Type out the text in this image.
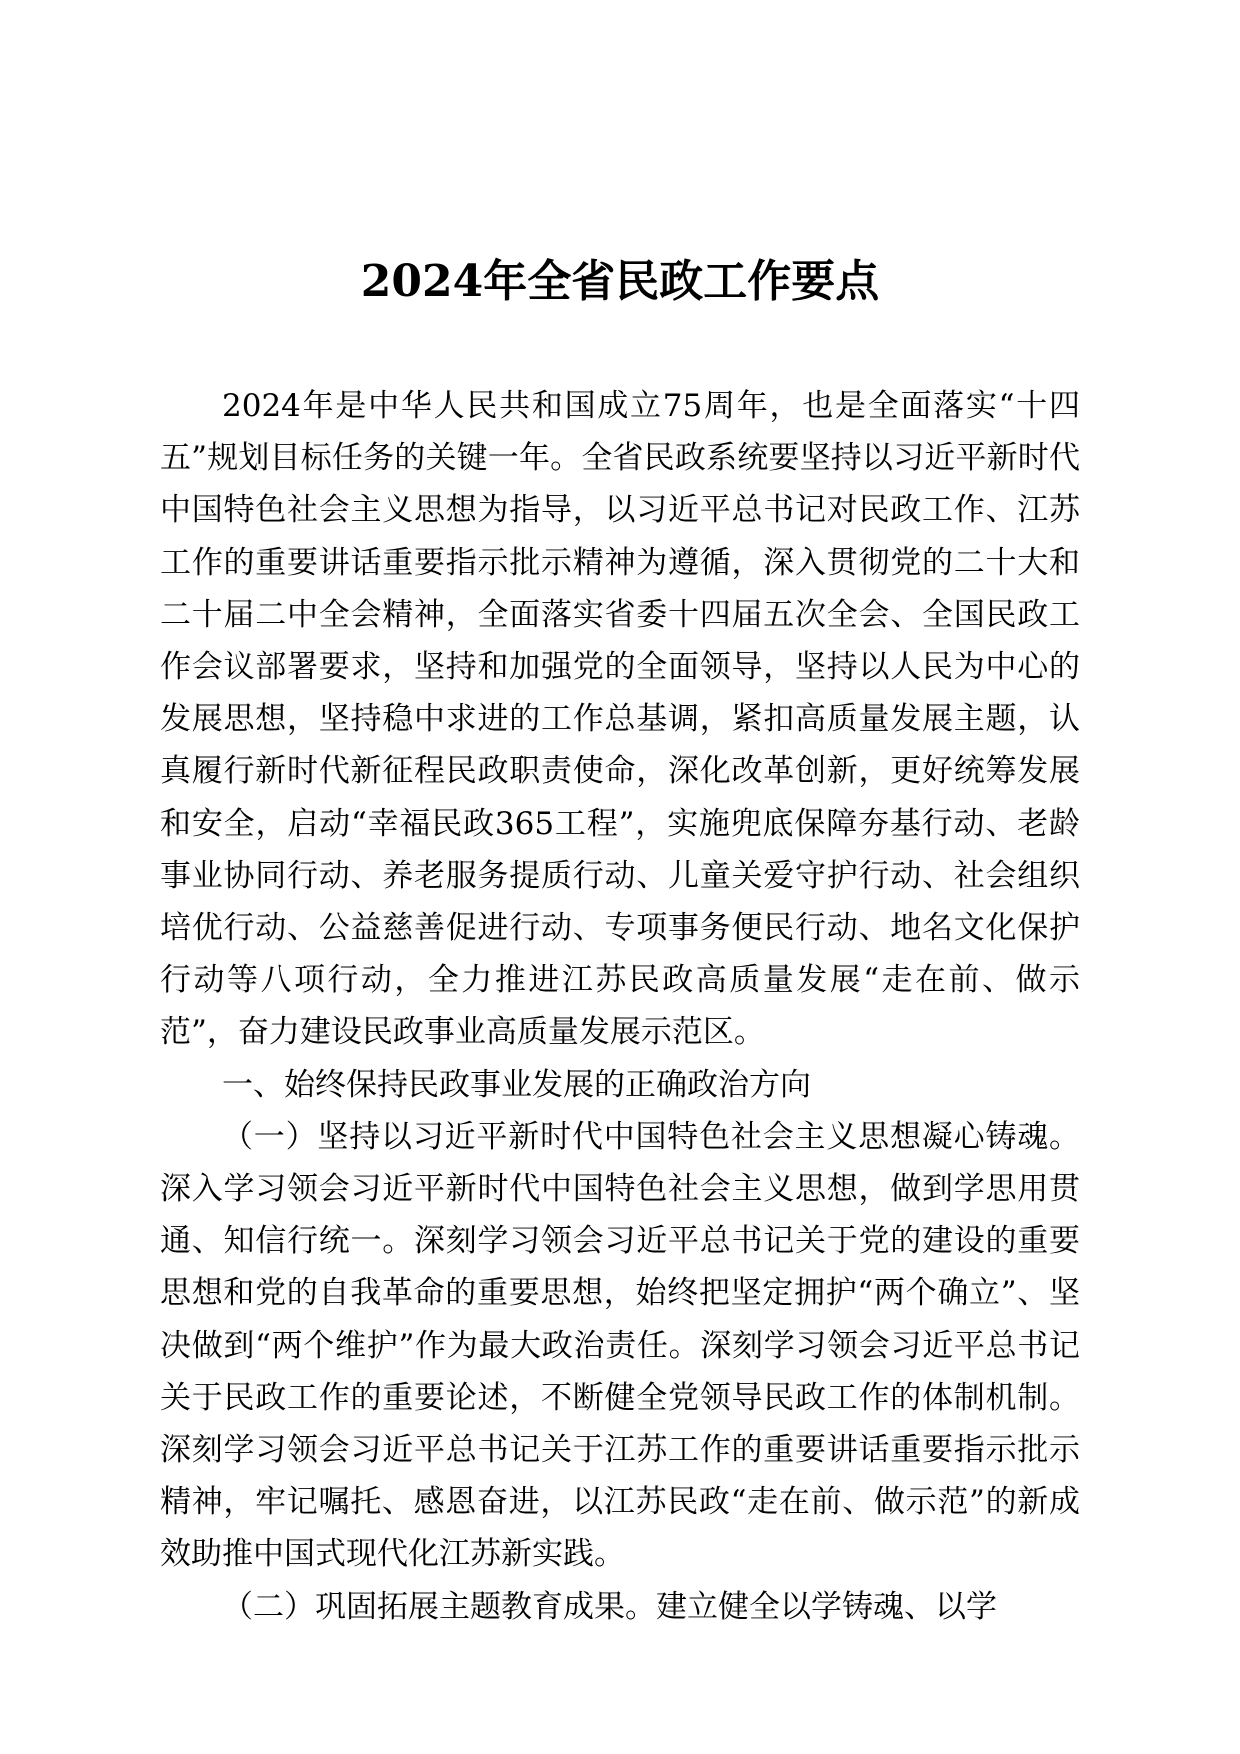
2024年全省民政工作要点

2024年是中华人民共和国成立75周年，也是全面落实“十四五”规划目标任务的关键一年。全省民政系统要坚持以习近平新时代中国特色社会主义思想为指导，以习近平总书记对民政工作、江苏工作的重要讲话重要指示批示精神为遵循，深入贯彻党的二十大和二十届二中全会精神，全面落实省委十四届五次全会、全国民政工作会议部署要求，坚持和加强党的全面领导，坚持以人民为中心的发展思想，坚持稳中求进的工作总基调，紧扣高质量发展主题，认真履行新时代新征程民政职责使命，深化改革创新，更好统筹发展和安全，启动“幸福民政365工程”，实施兜底保障夯基行动、老龄事业协同行动、养老服务提质行动、儿童关爱守护行动、社会组织培优行动、公益慈善促进行动、专项事务便民行动、地名文化保护行动等八项行动，全力推进江苏民政高质量发展“走在前、做示范”，奋力建设民政事业高质量发展示范区。

一、始终保持民政事业发展的正确政治方向

（一）坚持以习近平新时代中国特色社会主义思想凝心铸魂。深入学习领会习近平新时代中国特色社会主义思想，做到学思用贯通、知信行统一。深刻学习领会习近平总书记关于党的建设的重要思想和党的自我革命的重要思想，始终把坚定拥护“两个确立”、坚决做到“两个维护”作为最大政治责任。深刻学习领会习近平总书记关于民政工作的重要论述，不断健全党领导民政工作的体制机制。深刻学习领会习近平总书记关于江苏工作的重要讲话重要指示批示精神，牢记嘱托、感恩奋进，以江苏民政“走在前、做示范”的新成效助推中国式现代化江苏新实践。

（二）巩固拓展主题教育成果。建立健全以学铸魂、以学
